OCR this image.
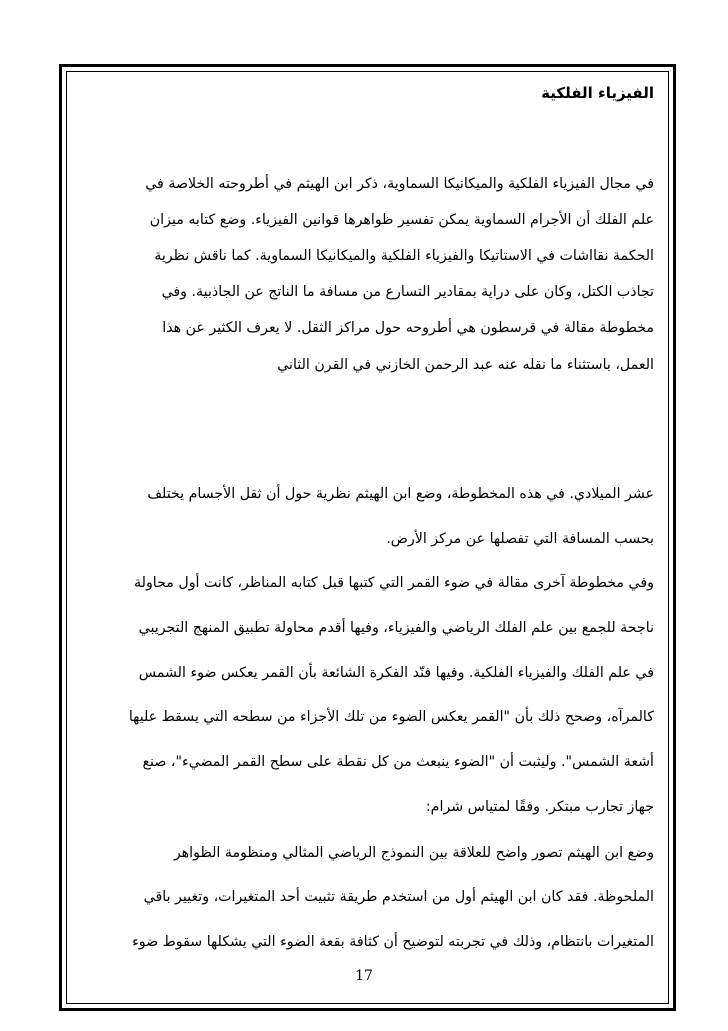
الفيزياء الفلكية
في مجال الفيزياء الفلكية والميكانيكا السماوية، ذكر ابن الهيثم في أطروحته الخلاصة في
علم الفلك أن الأجرام السماوية يمكن تفسير ظواهرها قوانين الفيزياء. وضع كتابه ميزان
الحكمة نقااشات في الاستاتيكا والفيزياء الفلكية والميكانيكا السماوية. كما ناقش نظرية
تجاذب الكتل، وكان على دراية بمقادير التسارع من مسافة ما الناتج عن الجاذبية. وفي
مخطوطة مقالة في قرسطون هي أطروحه حول مراكز الثقل. لا يعرف الكثير عن هذا
العمل، باستثناء ما نقله عنه عبد الرحمن الخازني في القرن الثاني
عشر الميلادي. في هذه المخطوطة، وضع ابن الهيثم نظرية حول أن ثقل الأجسام يختلف
بحسب المسافة التي تفصلها عن مركز الأرض.
وفي مخطوطة آخرى مقالة في ضوء القمر التي كتبها قبل كتابه المناظر، كانت أول محاولة
ناجحة للجمع بين علم الفلك الرياضي والفيزياء، وفيها أقدم محاولة تطبيق المنهج التجريبي
في علم الفلك والفيزياء الفلكية. وفيها فنّد الفكرة الشائعة بأن القمر يعكس ضوء الشمس
كالمرآه، وصحح ذلك بأن "القمر يعكس الضوء من تلك الأجزاء من سطحه التي يسقط عليها
أشعة الشمس". وليثبت أن "الضوء ينبعث من كل نقطة على سطح القمر المضيء"، صنع
جهاز تجارب مبتكر. وفقًا لمتياس شرام:
وضع ابن الهيثم تصور واضح للعلاقة بين النموذج الرياضي المثالي ومنظومة الظواهر
الملحوظة. فقد كان ابن الهيثم أول من استخدم طريقة تثبيت أحد المتغيرات، وتغيير باقي
المتغيرات بانتظام، وذلك في تجربته لتوضيح أن كثافة بقعة الضوء التي يشكلها سقوط ضوء
17
